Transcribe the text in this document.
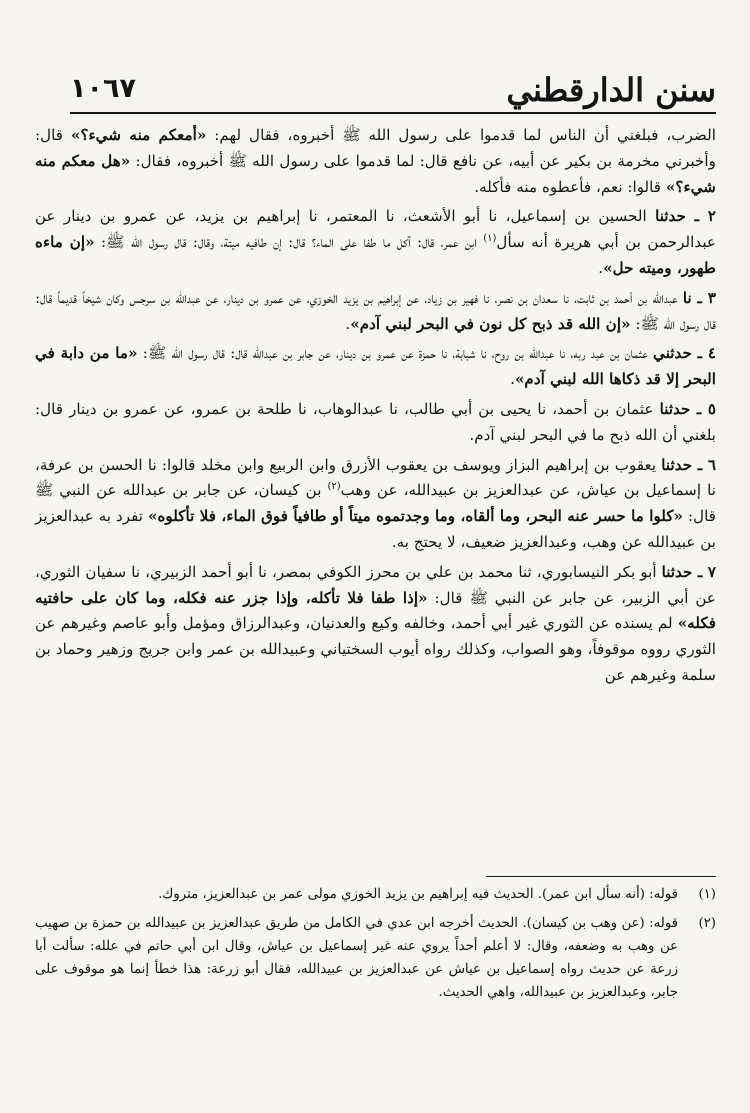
١٠٦٧	سنن الدارقطني

الضرب، فبلغني أن الناس لما قدموا على رسول الله ﷺ أخبروه، فقال لهم: «أمعكم منه شيء؟» قال: وأخبرني مخرمة بن بكير عن أبيه، عن نافع قال: لما قدموا على رسول الله ﷺ أخبروه، فقال: «هل معكم منه شيء؟» قالوا: نعم، فأعطوه منه فأكله.

٢ ـ حدثنا الحسين بن إسماعيل، نا أبو الأشعث، نا المعتمر، نا إبراهيم بن يزيد، عن عمرو بن دينار عن عبدالرحمن بن أبي هريرة أنه سأل$^{(١)}$ ابن عمر، قال: آكل ما طفا على الماء؟ قال: إن طافيه ميتة، وقال: قال رسول الله ﷺ: «إن ماءه طهور، وميته حل».

٣ ـ نا عبدالله بن أحمد بن ثابت، نا سعدان بن نصر، نا فهير بن زياد، عن إبراهيم بن يزيد الخوزي، عن عمرو بن دينار، عن عبدالله بن سرجس وكان شيخاً قديماً قال: قال رسول الله ﷺ: «إن الله قد ذبح كل نون في البحر لبني آدم».

٤ ـ حدثني عثمان بن عبد ربه، نا عبدالله بن روح، نا شبابة، نا حمزة عن عمرو بن دينار، عن جابر بن عبدالله قال: قال رسول الله ﷺ: «ما من دابة في البحر إلا قد ذكاها الله لبني آدم».

٥ ـ حدثنا عثمان بن أحمد، نا يحيى بن أبي طالب، نا عبدالوهاب، نا طلحة بن عمرو، عن عمرو بن دينار قال: بلغني أن الله ذبح ما في البحر لبني آدم.

٦ ـ حدثنا يعقوب بن إبراهيم البزاز ويوسف بن يعقوب الأزرق وابن الربيع وابن مخلد قالوا: نا الحسن بن عرفة، نا إسماعيل بن عياش، عن عبدالعزيز بن عبيدالله، عن وهب$^{(٢)}$ بن كيسان، عن جابر بن عبدالله عن النبي ﷺ قال: «كلوا ما حسر عنه البحر، وما ألقاه، وما وجدتموه ميتاً أو طافياً فوق الماء، فلا تأكلوه» تفرد به عبدالعزيز بن عبيدالله عن وهب، وعبدالعزيز ضعيف، لا يحتج به.

٧ ـ حدثنا أبو بكر النيسابوري، ثنا محمد بن علي بن محرز الكوفي بمصر، نا أبو أحمد الزبيري، نا سفيان الثوري، عن أبي الزبير، عن جابر عن النبي ﷺ قال: «إذا طفا فلا تأكله، وإذا جزر عنه فكله، وما كان على حافتيه فكله» لم يسنده عن الثوري غير أبي أحمد، وخالفه وكيع والعدنيان، وعبدالرزاق ومؤمل وأبو عاصم وغيرهم عن الثوري رووه موقوفاً، وهو الصواب، وكذلك رواه أيوب السختياني وعبيدالله بن عمر وابن جريج وزهير وحماد بن سلمة وغيرهم عن

(١)
قوله: (أنه سأل ابن عمر). الحديث فيه إبراهيم بن يزيد الخوزي مولى عمر بن عبدالعزيز، متروك.

(٢)
قوله: (عن وهب بن كيسان). الحديث أخرجه ابن عدي في الكامل من طريق عبدالعزيز بن عبيدالله بن حمزة بن صهيب عن وهب به وضعفه، وقال: لا أعلم أحداً يروي عنه غير إسماعيل بن عياش، وقال ابن أبي حاتم في علله: سألت أبا زرعة عن حديث رواه إسماعيل بن عياش عن عبدالعزيز بن عبيدالله، فقال أبو زرعة: هذا خطأ إنما هو موقوف على جابر، وعبدالعزيز بن عبيدالله، واهي الحديث.
